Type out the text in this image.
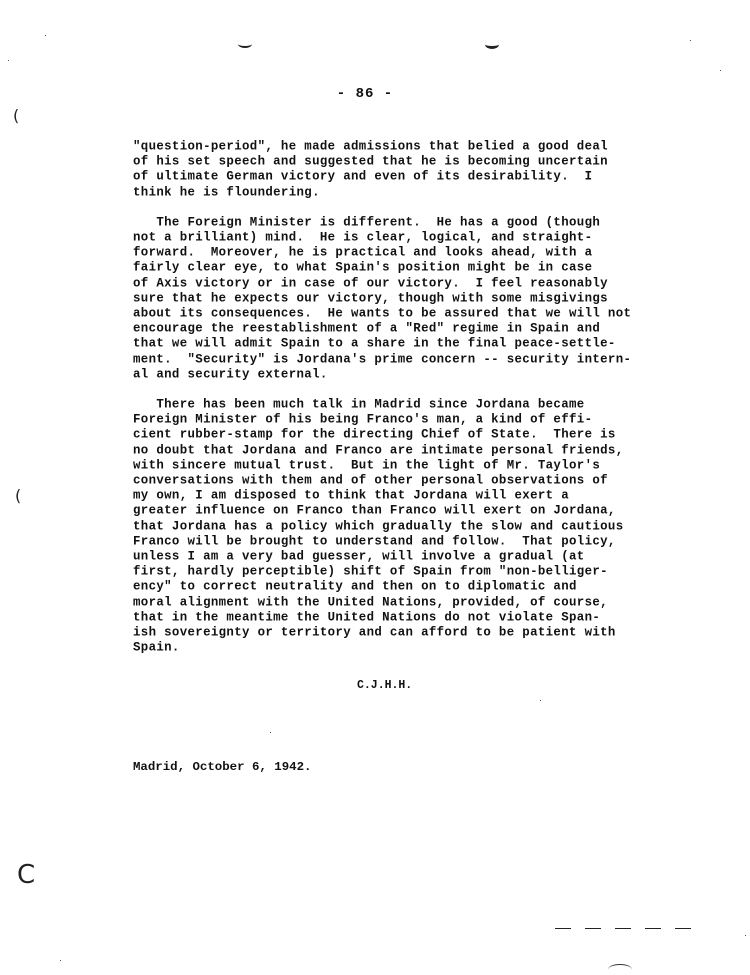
- 86 -
(
(
C
"question-period", he made admissions that belied a good deal
of his set speech and suggested that he is becoming uncertain
of ultimate German victory and even of its desirability.  I
think he is floundering.
The Foreign Minister is different.  He has a good (though
not a brilliant) mind.  He is clear, logical, and straight-
forward.  Moreover, he is practical and looks ahead, with a
fairly clear eye, to what Spain's position might be in case
of Axis victory or in case of our victory.  I feel reasonably
sure that he expects our victory, though with some misgivings
about its consequences.  He wants to be assured that we will not
encourage the reestablishment of a "Red" regime in Spain and
that we will admit Spain to a share in the final peace-settle-
ment.  "Security" is Jordana's prime concern -- security intern-
al and security external.
There has been much talk in Madrid since Jordana became
Foreign Minister of his being Franco's man, a kind of effi-
cient rubber-stamp for the directing Chief of State.  There is
no doubt that Jordana and Franco are intimate personal friends,
with sincere mutual trust.  But in the light of Mr. Taylor's
conversations with them and of other personal observations of
my own, I am disposed to think that Jordana will exert a
greater influence on Franco than Franco will exert on Jordana,
that Jordana has a policy which gradually the slow and cautious
Franco will be brought to understand and follow.  That policy,
unless I am a very bad guesser, will involve a gradual (at
first, hardly perceptible) shift of Spain from "non-belliger-
ency" to correct neutrality and then on to diplomatic and
moral alignment with the United Nations, provided, of course,
that in the meantime the United Nations do not violate Span-
ish sovereignty or territory and can afford to be patient with
Spain.
C.J.H.H.
Madrid, October 6, 1942.
